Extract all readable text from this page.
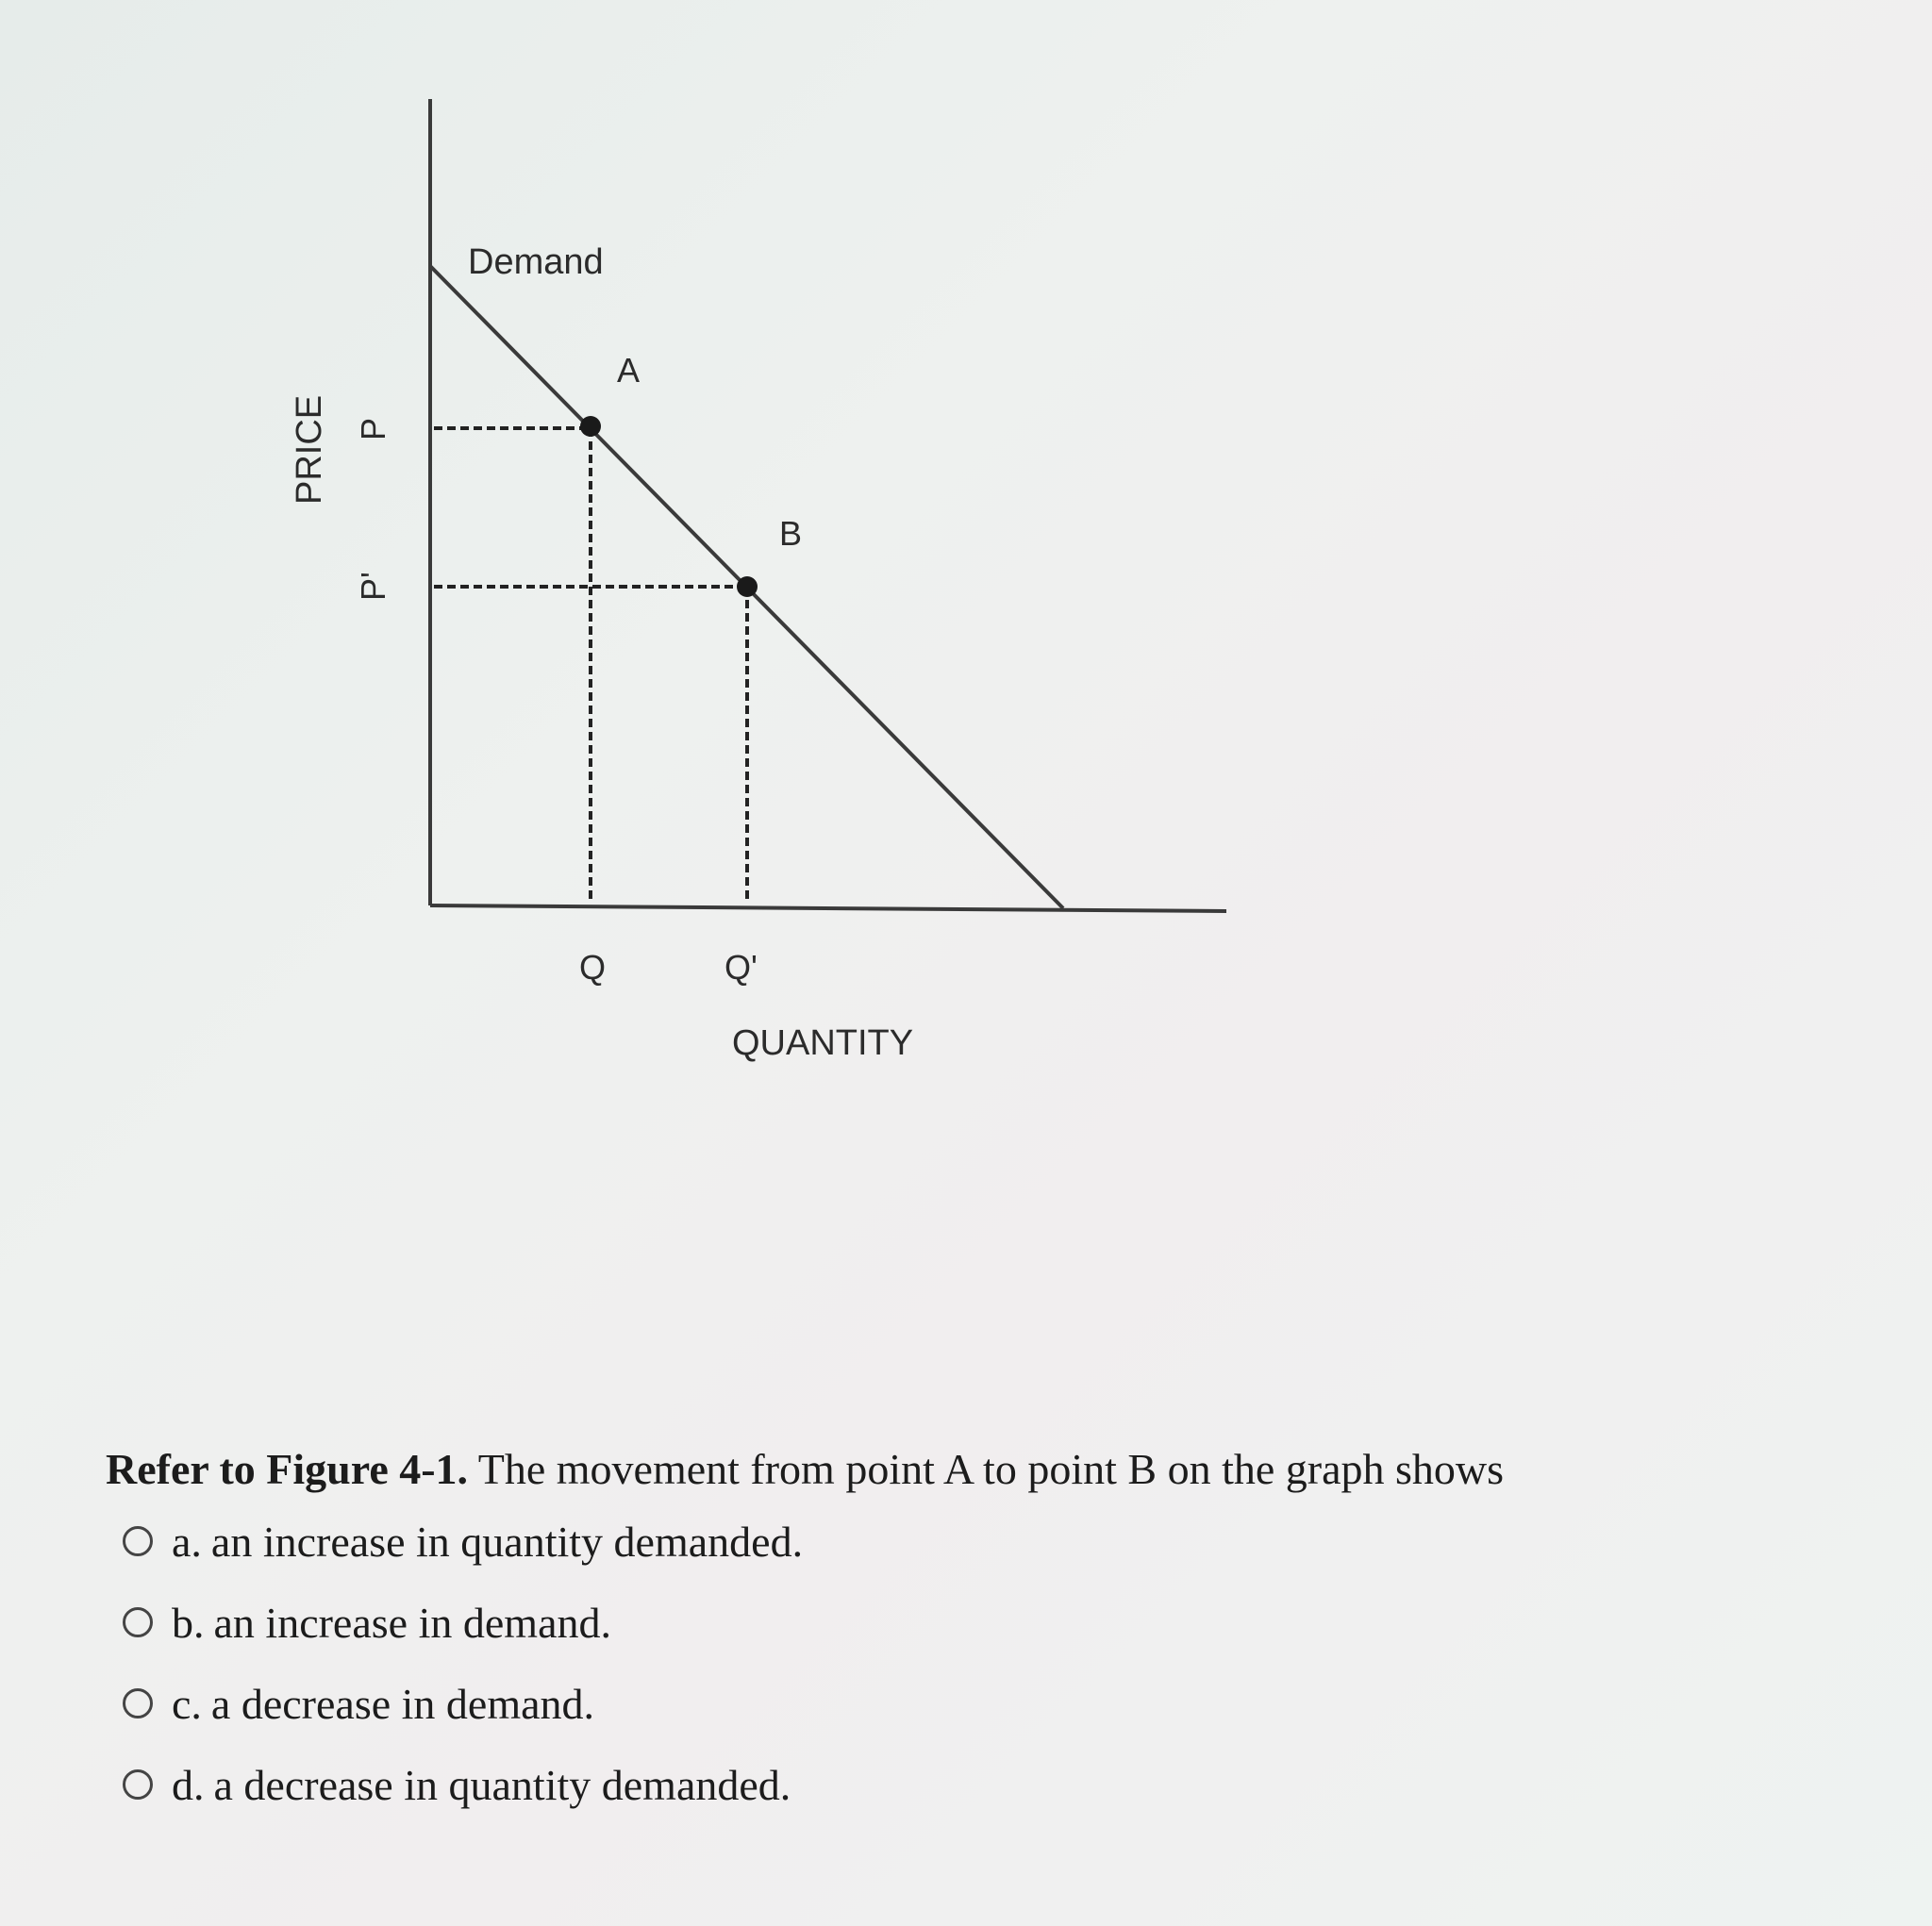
Demand
A
B
PRICE P
P'
Q	Q'
QUANTITY

Refer to Figure 4-1. The movement from point A to point B on the graph shows

a. an increase in quantity demanded.
b. an increase in demand.
c. a decrease in demand.
d. a decrease in quantity demanded.
